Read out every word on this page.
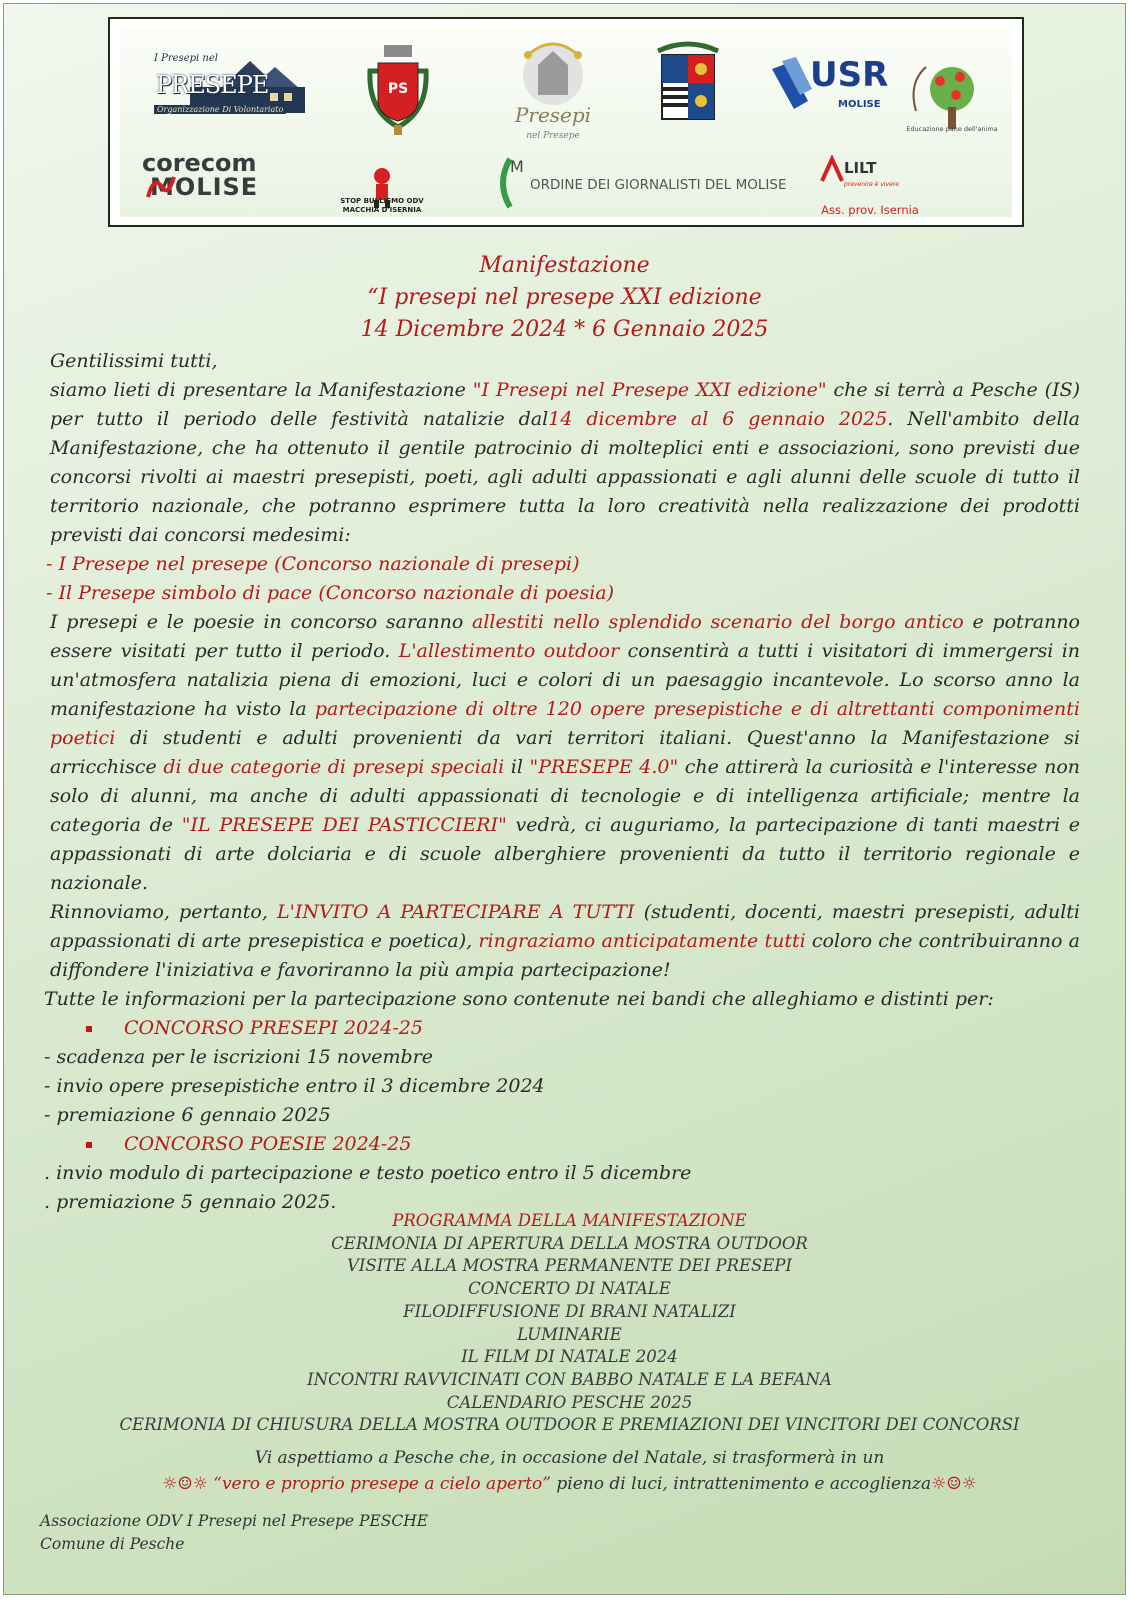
I Presepi nel
PRESEPE
Organizzazione Di Volontariato
PS
Presepi
nel Presepe
USR
MOLISE
Educazione pane dell'anima
corecom
MOLISE	STOP BULLISMO ODV
MACCHIA D'ISERNIA
M
ORDINE DEI GIORNALISTI DEL MOLISE
LILT
prevenire è vivere
Ass. prov. Isernia
Manifestazione
“I presepi nel presepe XXI edizione
14 Dicembre 2024 * 6 Gennaio 2025

Gentilissimi tutti,

siamo lieti di presentare la Manifestazione "I Presepi nel Presepe XXI edizione" che si terrà a Pesche (IS) per tutto il periodo delle festività natalizie dal14 dicembre al 6 gennaio 2025. Nell'ambito della Manifestazione, che ha ottenuto il gentile patrocinio di molteplici enti e associazioni, sono previsti due concorsi rivolti ai maestri presepisti, poeti, agli adulti appassionati e agli alunni delle scuole di tutto il territorio nazionale, che potranno esprimere tutta la loro creatività nella realizzazione dei prodotti previsti dai concorsi medesimi:

- I Presepe nel presepe (Concorso nazionale di presepi)

- Il Presepe simbolo di pace (Concorso nazionale di poesia)

I presepi e le poesie in concorso saranno allestiti nello splendido scenario del borgo antico e potranno essere visitati per tutto il periodo. L'allestimento outdoor consentirà a tutti i visitatori di immergersi in un'atmosfera natalizia piena di emozioni, luci e colori di un paesaggio incantevole. Lo scorso anno la manifestazione ha visto la partecipazione di oltre 120 opere presepistiche e di altrettanti componimenti poetici di studenti e adulti provenienti da vari territori italiani. Quest'anno la Manifestazione si arricchisce di due categorie di presepi speciali il "PRESEPE 4.0" che attirerà la curiosità e l'interesse non solo di alunni, ma anche di adulti appassionati di tecnologie e di intelligenza artificiale; mentre la categoria de "IL PRESEPE DEI PASTICCIERI" vedrà, ci auguriamo, la partecipazione di tanti maestri e appassionati di arte dolciaria e di scuole alberghiere provenienti da tutto il territorio regionale e nazionale.

Rinnoviamo, pertanto, L'INVITO A PARTECIPARE A TUTTI (studenti, docenti, maestri presepisti, adulti appassionati di arte presepistica e poetica), ringraziamo anticipatamente tutti coloro che contribuiranno a diffondere l'iniziativa e favoriranno la più ampia partecipazione!

Tutte le informazioni per la partecipazione sono contenute nei bandi che alleghiamo e distinti per:

CONCORSO PRESEPI 2024-25

- scadenza per le iscrizioni 15 novembre

- invio opere presepistiche entro il 3 dicembre 2024

- premiazione 6 gennaio 2025

CONCORSO POESIE 2024-25

. invio modulo di partecipazione e testo poetico entro il 5 dicembre

. premiazione 5 gennaio 2025.

PROGRAMMA DELLA MANIFESTAZIONE
CERIMONIA DI APERTURA DELLA MOSTRA OUTDOOR
VISITE ALLA MOSTRA PERMANENTE DEI PRESEPI
CONCERTO DI NATALE
FILODIFFUSIONE DI BRANI NATALIZI
LUMINARIE
IL FILM DI NATALE 2024
INCONTRI RAVVICINATI CON BABBO NATALE E LA BEFANA
CALENDARIO PESCHE 2025
CERIMONIA DI CHIUSURA DELLA MOSTRA OUTDOOR E PREMIAZIONI DEI VINCITORI DEI CONCORSI
Vi aspettiamo a Pesche che, in occasione del Natale, si trasformerà in un
☼☺☼ “vero e proprio presepe a cielo aperto” pieno di luci, intrattenimento e accoglienza☼☺☼
Associazione ODV I Presepi nel Presepe PESCHE
Comune di Pesche
